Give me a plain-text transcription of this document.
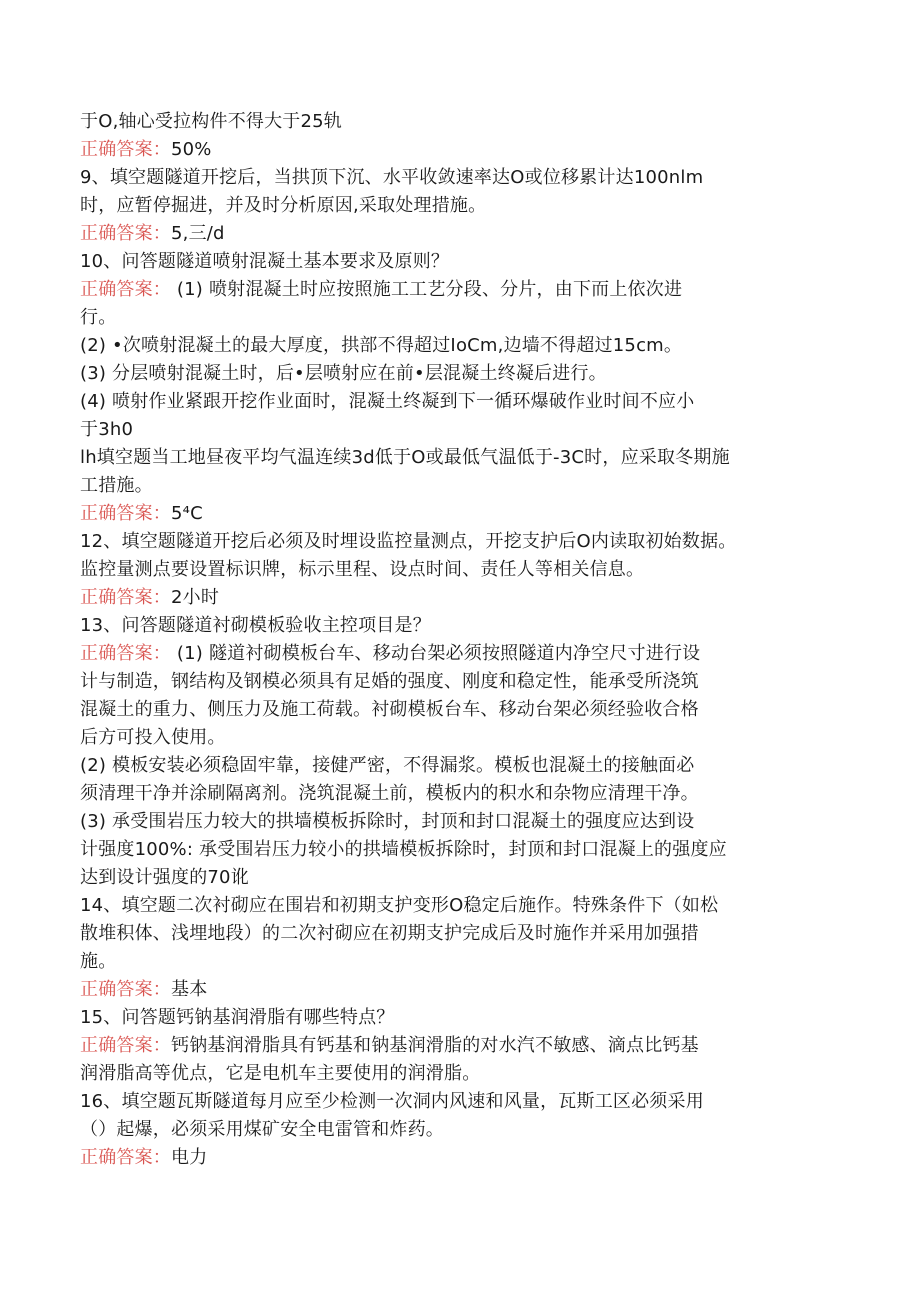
于O,轴心受拉构件不得大于25轨
正确答案：50%
9、填空题隧道开挖后，当拱顶下沉、水平收敛速率达O或位移累计达100nlm
时，应暂停掘进，并及时分析原因,采取处理措施。
正确答案：5,三/d
10、问答题隧道喷射混凝土基本要求及原则？
正确答案： (1) 喷射混凝土时应按照施工工艺分段、分片，由下而上依次进
行。
(2) •次喷射混凝土的最大厚度，拱部不得超过IoCm,边墙不得超过15cm。
(3) 分层喷射混凝土时，后•层喷射应在前•层混凝土终凝后进行。
(4) 喷射作业紧跟开挖作业面时，混凝土终凝到下一循环爆破作业时间不应小
于3h0
lh填空题当工地昼夜平均气温连续3d低于O或最低气温低于-3C时，应采取冬期施
工措施。
正确答案：5⁴C
12、填空题隧道开挖后必须及时埋设监控量测点，开挖支护后O内读取初始数据。
监控量测点要设置标识牌，标示里程、设点时间、责任人等相关信息。
正确答案：2小时
13、问答题隧道衬砌模板验收主控项目是？
正确答案： (1) 隧道衬砌模板台车、移动台架必须按照隧道内净空尺寸进行设
计与制造，钢结构及钢模必须具有足婚的强度、刚度和稳定性，能承受所浇筑
混凝土的重力、侧压力及施工荷载。衬砌模板台车、移动台架必须经验收合格
后方可投入使用。
(2) 模板安装必须稳固牢靠，接健严密，不得漏浆。模板也混凝土的接触面必
须清理干净并涂刷隔离剂。浇筑混凝土前，模板内的积水和杂物应清理干净。
(3) 承受围岩压力较大的拱墙模板拆除时，封顶和封口混凝土的强度应达到设
计强度100%: 承受围岩压力较小的拱墙模板拆除时，封顶和封口混凝上的强度应
达到设计强度的70讹
14、填空题二次衬砌应在围岩和初期支护变形O稳定后施作。特殊条件下（如松
散堆积体、浅埋地段）的二次衬砌应在初期支护完成后及时施作并采用加强措
施。
正确答案：基本
15、问答题钙钠基润滑脂有哪些特点？
正确答案：钙钠基润滑脂具有钙基和钠基润滑脂的对水汽不敏感、滴点比钙基
润滑脂高等优点，它是电机车主要使用的润滑脂。
16、填空题瓦斯隧道每月应至少检测一次洞内风速和风量，瓦斯工区必须采用
（）起爆，必须采用煤矿安全电雷管和炸药。
正确答案：电力
